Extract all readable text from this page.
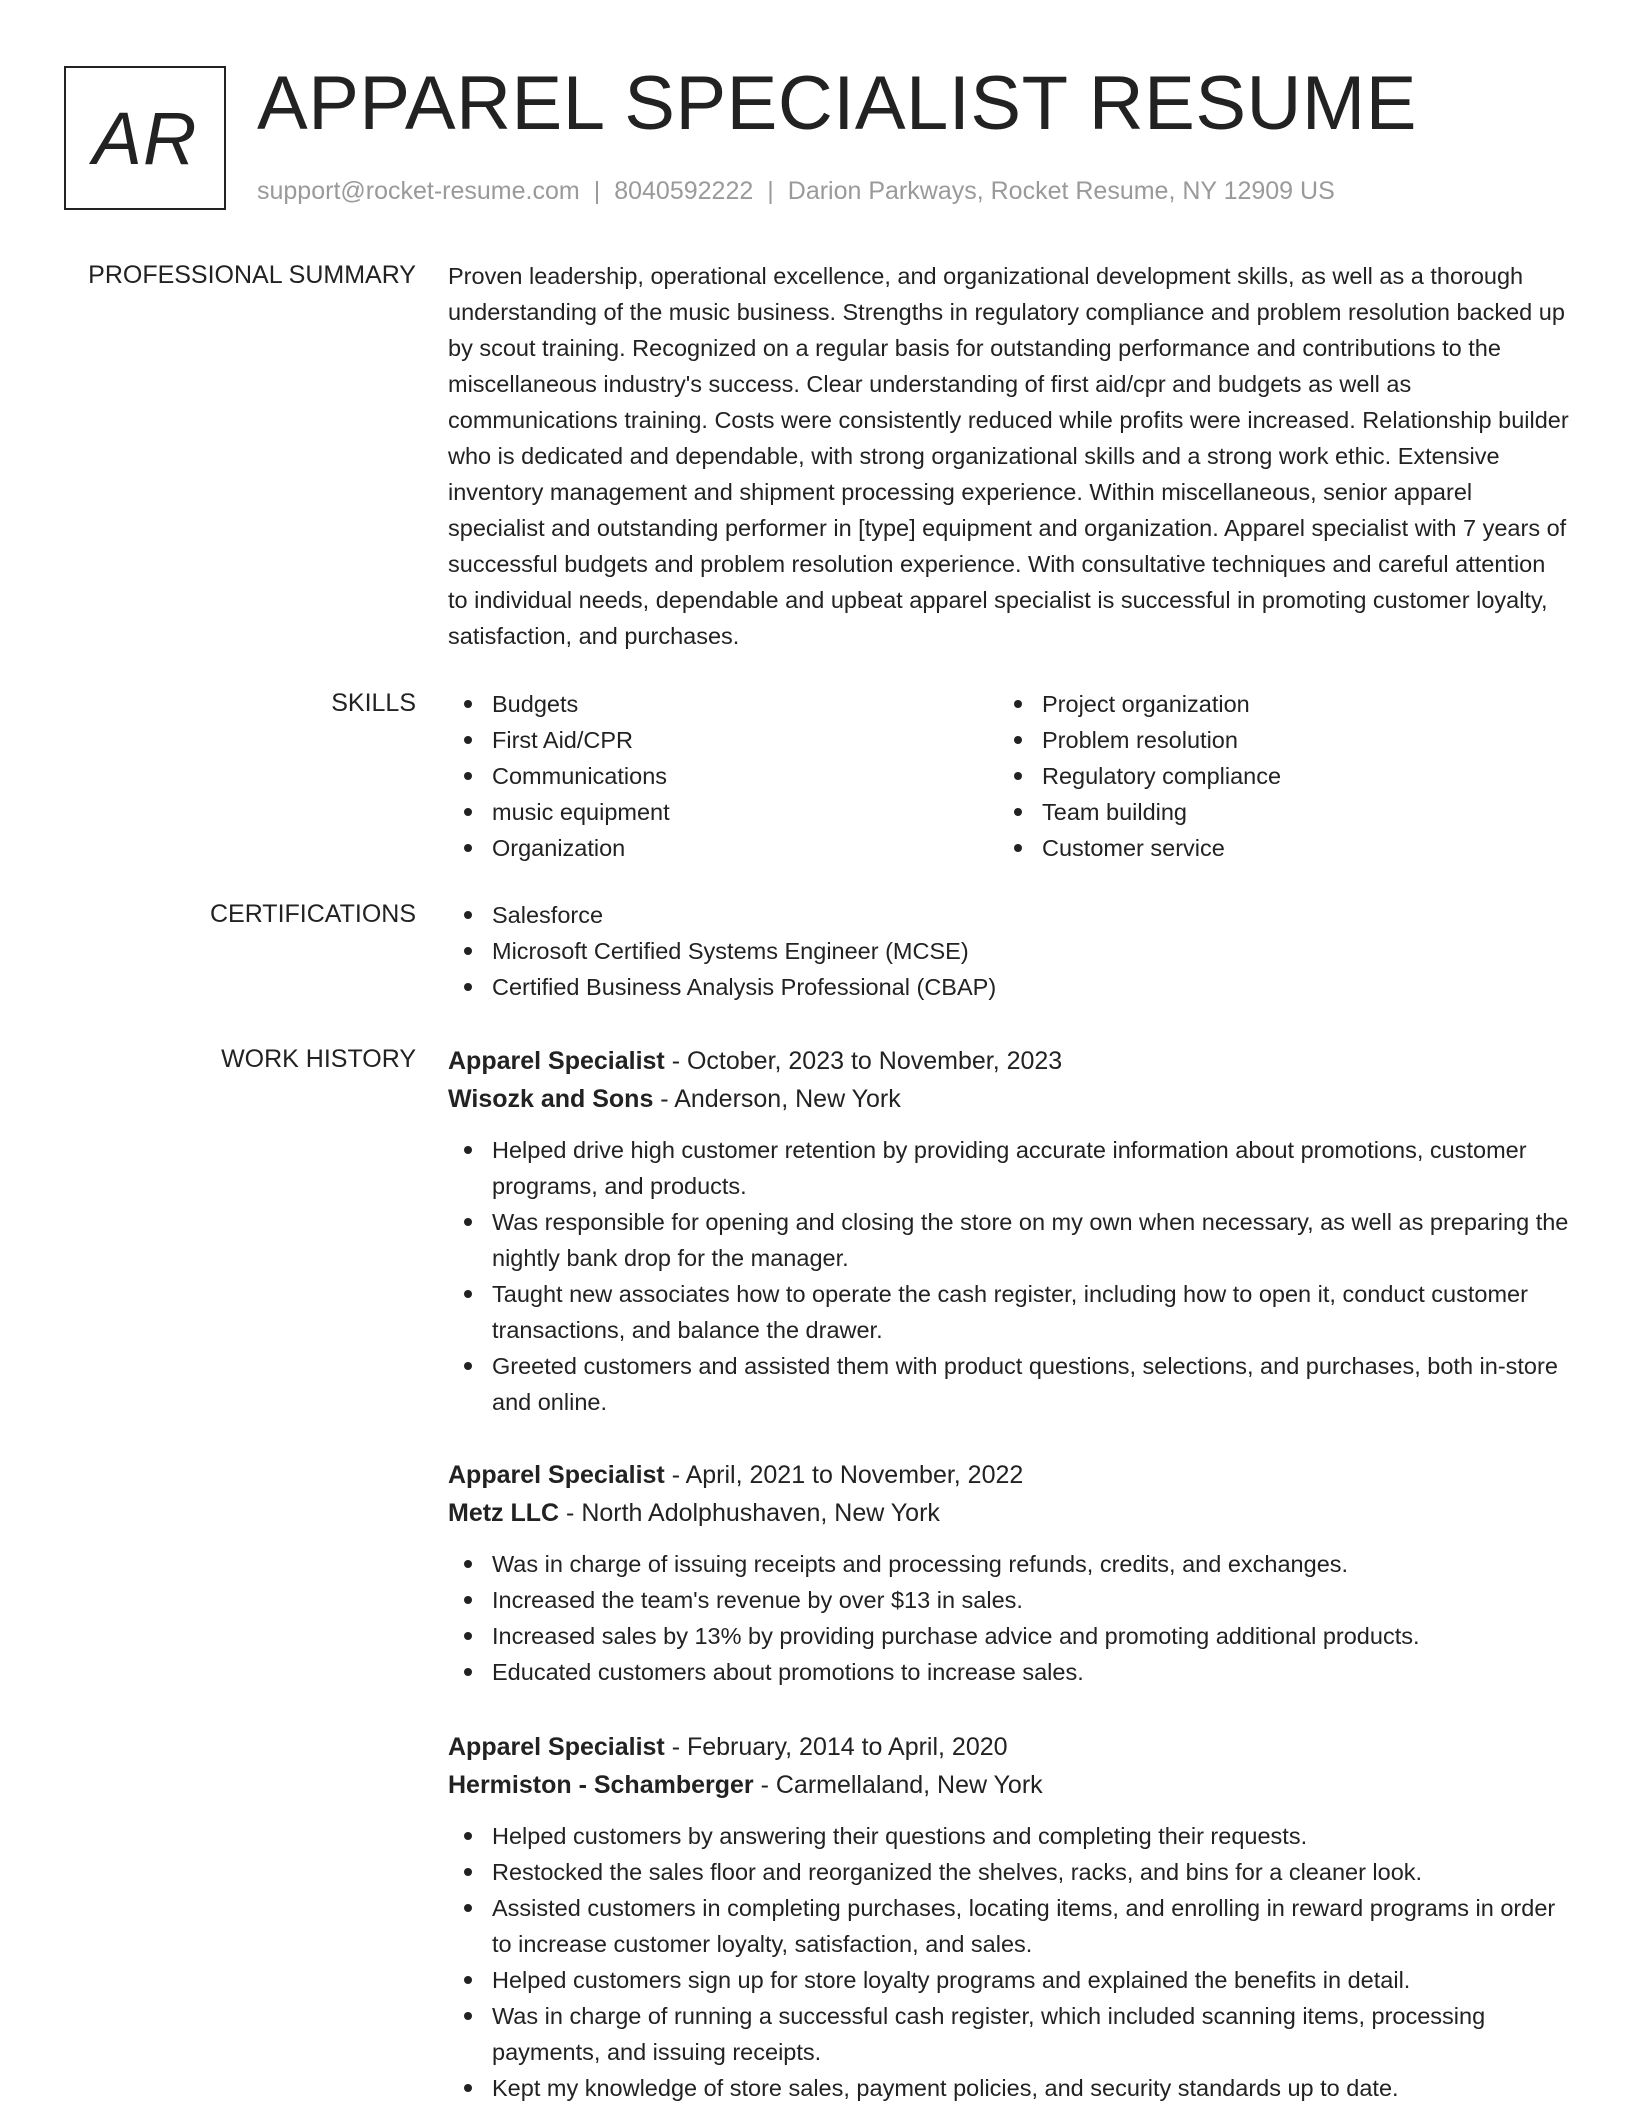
AR APPAREL SPECIALIST RESUME
support@rocket-resume.com | 8040592222 | Darion Parkways, Rocket Resume, NY 12909 US
PROFESSIONAL SUMMARY Proven leadership, operational excellence, and organizational development skills, as well as a thorough understanding of the music business. Strengths in regulatory compliance and problem resolution backed up by scout training. Recognized on a regular basis for outstanding performance and contributions to the miscellaneous industry's success. Clear understanding of first aid/cpr and budgets as well as communications training. Costs were consistently reduced while profits were increased. Relationship builder who is dedicated and dependable, with strong organizational skills and a strong work ethic. Extensive inventory management and shipment processing experience. Within miscellaneous, senior apparel specialist and outstanding performer in [type] equipment and organization. Apparel specialist with 7 years of successful budgets and problem resolution experience. With consultative techniques and careful attention to individual needs, dependable and upbeat apparel specialist is successful in promoting customer loyalty, satisfaction, and purchases.

SKILLS	Budgets
First Aid/CPR
Communications
music equipment
Organization
Project organization
Problem resolution
Regulatory compliance
Team building
Customer service
CERTIFICATIONS	Salesforce
Microsoft Certified Systems Engineer (MCSE)
Certified Business Analysis Professional (CBAP)
WORK HISTORY Apparel Specialist - October, 2023 to November, 2023
Wisozk and Sons - Anderson, New York
Helped drive high customer retention by providing accurate information about promotions, customer programs, and products.
Was responsible for opening and closing the store on my own when necessary, as well as preparing the nightly bank drop for the manager.
Taught new associates how to operate the cash register, including how to open it, conduct customer transactions, and balance the drawer.
Greeted customers and assisted them with product questions, selections, and purchases, both in-store and online.
Apparel Specialist - April, 2021 to November, 2022
Metz LLC - North Adolphushaven, New York
Was in charge of issuing receipts and processing refunds, credits, and exchanges.
Increased the team's revenue by over $13 in sales.
Increased sales by 13% by providing purchase advice and promoting additional products.
Educated customers about promotions to increase sales.
Apparel Specialist - February, 2014 to April, 2020
Hermiston - Schamberger - Carmellaland, New York
Helped customers by answering their questions and completing their requests.
Restocked the sales floor and reorganized the shelves, racks, and bins for a cleaner look.
Assisted customers in completing purchases, locating items, and enrolling in reward programs in order to increase customer loyalty, satisfaction, and sales.
Helped customers sign up for store loyalty programs and explained the benefits in detail.
Was in charge of running a successful cash register, which included scanning items, processing payments, and issuing receipts.
Kept my knowledge of store sales, payment policies, and security standards up to date.
